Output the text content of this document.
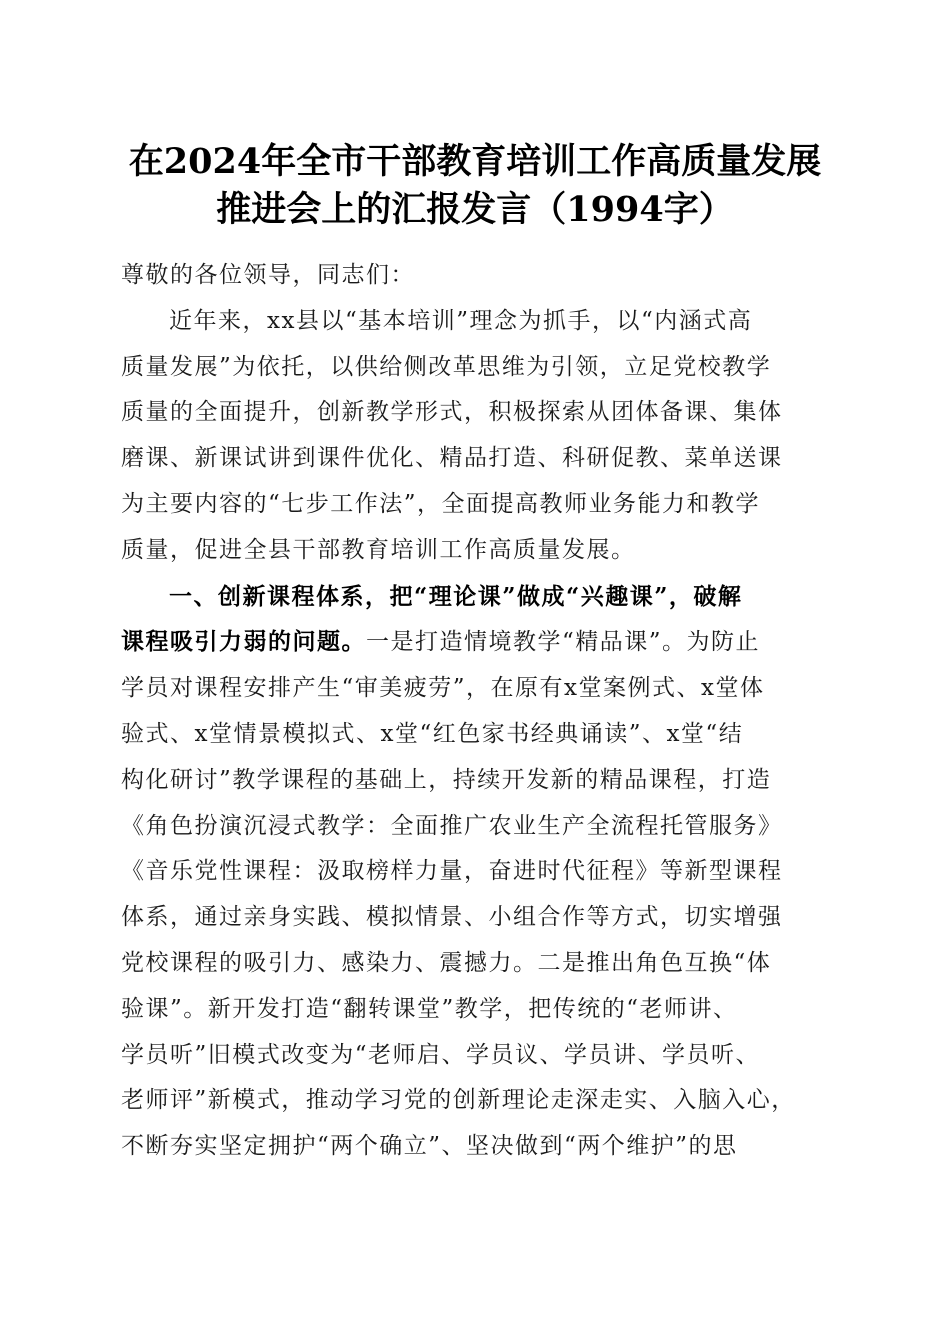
在2024年全市干部教育培训工作高质量发展
推进会上的汇报发言（1994字）
尊敬的各位领导，同志们：
近年来，xx县以“基本培训”理念为抓手，以“内涵式高
质量发展”为依托，以供给侧改革思维为引领，立足党校教学
质量的全面提升，创新教学形式，积极探索从团体备课、集体
磨课、新课试讲到课件优化、精品打造、科研促教、菜单送课
为主要内容的“七步工作法”，全面提高教师业务能力和教学
质量，促进全县干部教育培训工作高质量发展。
一、创新课程体系，把“理论课”做成“兴趣课”，破解
课程吸引力弱的问题。一是打造情境教学“精品课”。为防止
学员对课程安排产生“审美疲劳”，在原有x堂案例式、x堂体
验式、x堂情景模拟式、x堂“红色家书经典诵读”、x堂“结
构化研讨”教学课程的基础上，持续开发新的精品课程，打造
《角色扮演沉浸式教学：全面推广农业生产全流程托管服务》
《音乐党性课程：汲取榜样力量，奋进时代征程》等新型课程
体系，通过亲身实践、模拟情景、小组合作等方式，切实增强
党校课程的吸引力、感染力、震撼力。二是推出角色互换“体
验课”。新开发打造“翻转课堂”教学，把传统的“老师讲、
学员听”旧模式改变为“老师启、学员议、学员讲、学员听、
老师评”新模式，推动学习党的创新理论走深走实、入脑入心，
不断夯实坚定拥护“两个确立”、坚决做到“两个维护”的思
